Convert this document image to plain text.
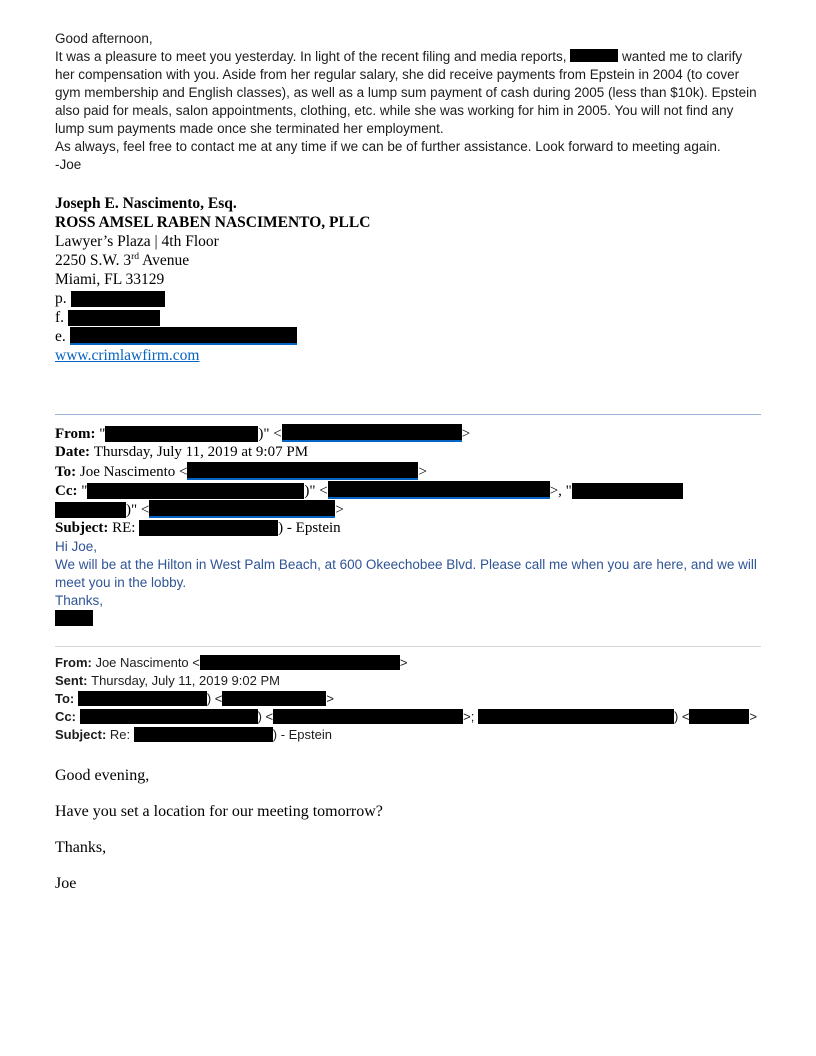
Good afternoon,

It was a pleasure to meet you yesterday. In light of the recent filing and media reports,	wanted me to clarify her compensation with you. Aside from her regular salary, she did receive payments from Epstein in 2004 (to cover gym membership and English classes), as well as a lump sum payment of cash during 2005 (less than $10k). Epstein also paid for meals, salon appointments, clothing, etc. while she was working for him in 2005. You will not find any lump sum payments made once she terminated her employment.

As always, feel free to contact me at any time if we can be of further assistance. Look forward to meeting again.

-Joe

Joseph E. Nascimento, Esq.
ROSS AMSEL RABEN NASCIMENTO, PLLC
Lawyer’s Plaza | 4th Floor
2250 S.W. 3rd Avenue
Miami, FL 33129
p.
f.
e.
www.crimlawfirm.com
From: "	)" <	>
Date: Thursday, July 11, 2019 at 9:07 PM
To: Joe Nascimento <	>
Cc: "	)" <	>, "
)" <	>
Subject: RE:	) - Epstein

Hi Joe,

We will be at the Hilton in West Palm Beach, at 600 Okeechobee Blvd. Please call me when you are here, and we will meet you in the lobby.

Thanks,

From: Joe Nascimento <	>
Sent: Thursday, July 11, 2019 9:02 PM
To:	) <	>
Cc:	) <	>;	) <	>
Subject: Re:	) - Epstein

Good evening,

Have you set a location for our meeting tomorrow?

Thanks,

Joe
